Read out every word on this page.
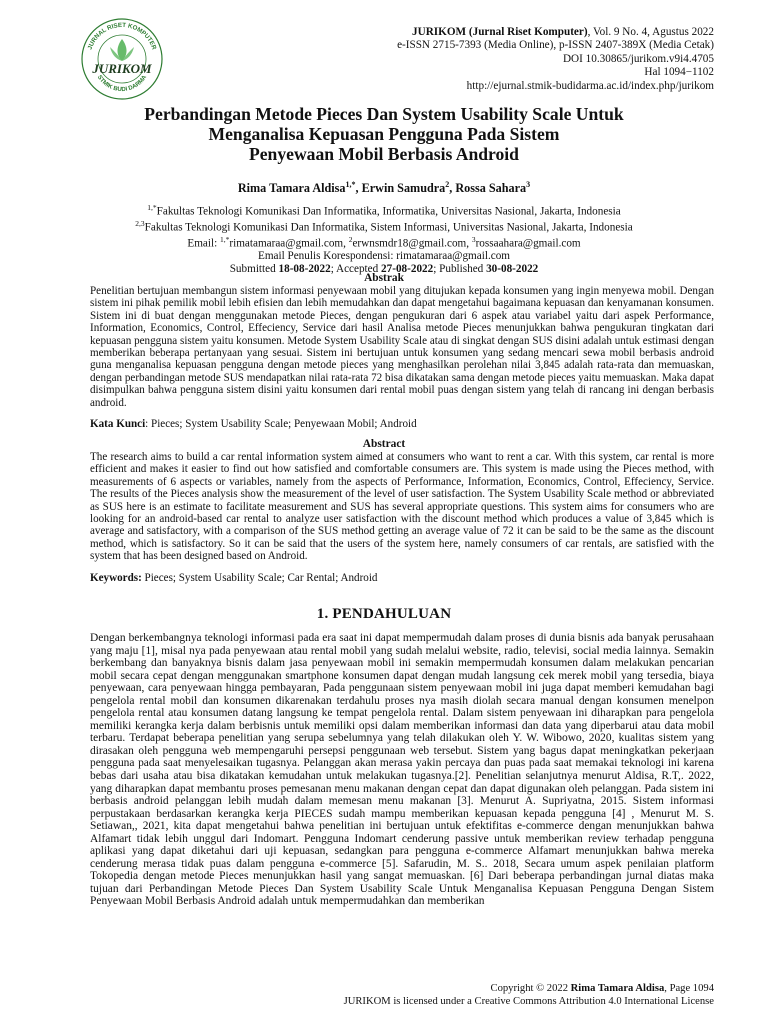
JURNAL RISET KOMPUTER
STMIK BUDI DARMA
JURIKOM
JURIKOM (Jurnal Riset Komputer), Vol. 9 No. 4, Agustus 2022
e-ISSN 2715-7393 (Media Online), p-ISSN 2407-389X (Media Cetak)
DOI 10.30865/jurikom.v9i4.4705
Hal 1094−1102
http://ejurnal.stmik-budidarma.ac.id/index.php/jurikom
Perbandingan Metode Pieces Dan System Usability Scale Untuk
Menganalisa Kepuasan Pengguna Pada Sistem
Penyewaan Mobil Berbasis Android
Rima Tamara Aldisa$^{1,*}$, Erwin Samudra$^2$, Rossa Sahara$^3$
$^{1,*}$Fakultas Teknologi Komunikasi Dan Informatika, Informatika, Universitas Nasional, Jakarta, Indonesia
$^{2,3}$Fakultas Teknologi Komunikasi Dan Informatika, Sistem Informasi, Universitas Nasional, Jakarta, Indonesia
Email: $^{1,*}$rimatamaraa@gmail.com, $^2$erwnsmdr18@gmail.com, $^3$rossaahara@gmail.com
Email Penulis Korespondensi: rimatamaraa@gmail.com
Submitted 18-08-2022; Accepted 27-08-2022; Published 30-08-2022
Abstrak
Penelitian bertujuan membangun sistem informasi penyewaan mobil yang ditujukan kepada konsumen yang ingin menyewa mobil. Dengan sistem ini pihak pemilik mobil lebih efisien dan lebih memudahkan dan dapat mengetahui bagaimana kepuasan dan kenyamanan konsumen. Sistem ini di buat dengan menggunakan metode Pieces, dengan pengukuran dari 6 aspek atau variabel yaitu dari aspek Performance, Information, Economics, Control, Effeciency, Service dari hasil Analisa metode Pieces menunjukkan bahwa pengukuran tingkatan dari kepuasan pengguna sistem yaitu konsumen. Metode System Usability Scale atau di singkat dengan SUS disini adalah untuk estimasi dengan memberikan beberapa pertanyaan yang sesuai. Sistem ini bertujuan untuk konsumen yang sedang mencari sewa mobil berbasis android guna menganalisa kepuasan pengguna dengan metode pieces yang menghasilkan perolehan nilai 3,845 adalah rata-rata dan memuaskan, dengan perbandingan metode SUS mendapatkan nilai rata-rata 72 bisa dikatakan sama dengan metode pieces yaitu memuaskan. Maka dapat disimpulkan bahwa pengguna sistem disini yaitu konsumen dari rental mobil puas dengan sistem yang telah di rancang ini dengan berbasis android.
Kata Kunci: Pieces; System Usability Scale; Penyewaan Mobil; Android
Abstract
The research aims to build a car rental information system aimed at consumers who want to rent a car. With this system, car rental is more efficient and makes it easier to find out how satisfied and comfortable consumers are. This system is made using the Pieces method, with measurements of 6 aspects or variables, namely from the aspects of Performance, Information, Economics, Control, Effeciency, Service. The results of the Pieces analysis show the measurement of the level of user satisfaction. The System Usability Scale method or abbreviated as SUS here is an estimate to facilitate measurement and SUS has several appropriate questions. This system aims for consumers who are looking for an android-based car rental to analyze user satisfaction with the discount method which produces a value of 3,845 which is average and satisfactory, with a comparison of the SUS method getting an average value of 72 it can be said to be the same as the discount method, which is satisfactory. So it can be said that the users of the system here, namely consumers of car rentals, are satisfied with the system that has been designed based on Android.
Keywords: Pieces; System Usability Scale; Car Rental; Android
1. PENDAHULUAN
Dengan berkembangnya teknologi informasi pada era saat ini dapat mempermudah dalam proses di dunia bisnis ada banyak perusahaan yang maju [1], misal nya pada penyewaan atau rental mobil yang sudah melalui website, radio, televisi, social media lainnya. Semakin berkembang dan banyaknya bisnis dalam jasa penyewaan mobil ini semakin mempermudah konsumen dalam melakukan pencarian mobil secara cepat dengan menggunakan smartphone konsumen dapat dengan mudah langsung cek merek mobil yang tersedia, biaya penyewaan, cara penyewaan hingga pembayaran, Pada penggunaan sistem penyewaan mobil ini juga dapat memberi kemudahan bagi pengelola rental mobil dan konsumen dikarenakan terdahulu proses nya masih diolah secara manual dengan konsumen menelpon pengelola rental atau konsumen datang langsung ke tempat pengelola rental. Dalam sistem penyewaan ini diharapkan para pengelola memiliki kerangka kerja dalam berbisnis untuk memiliki opsi dalam memberikan informasi dan data yang diperbarui atau data mobil terbaru. Terdapat beberapa penelitian yang serupa sebelumnya yang telah dilakukan oleh Y. W. Wibowo, 2020, kualitas sistem yang dirasakan oleh pengguna web mempengaruhi persepsi penggunaan web tersebut. Sistem yang bagus dapat meningkatkan pekerjaan pengguna pada saat menyelesaikan tugasnya. Pelanggan akan merasa yakin percaya dan puas pada saat memakai teknologi ini karena bebas dari usaha atau bisa dikatakan kemudahan untuk melakukan tugasnya.[2]. Penelitian selanjutnya menurut Aldisa, R.T,. 2022, yang diharapkan dapat membantu proses pemesanan menu makanan dengan cepat dan dapat digunakan oleh pelanggan. Pada sistem ini berbasis android pelanggan lebih mudah dalam memesan menu makanan [3]. Menurut A. Supriyatna, 2015. Sistem informasi perpustakaan berdasarkan kerangka kerja PIECES sudah mampu memberikan kepuasan kepada pengguna [4] , Menurut M. S. Setiawan,, 2021, kita dapat mengetahui bahwa penelitian ini bertujuan untuk efektifitas e-commerce dengan menunjukkan bahwa Alfamart tidak lebih unggul dari Indomart. Pengguna Indomart cenderung passive untuk memberikan review terhadap pengguna aplikasi yang dapat diketahui dari uji kepuasan, sedangkan para pengguna e-commerce Alfamart menunjukkan bahwa mereka cenderung merasa tidak puas dalam pengguna e-commerce [5]. Safarudin, M. S.. 2018, Secara umum aspek penilaian platform Tokopedia dengan metode Pieces menunjukkan hasil yang sangat memuaskan. [6] Dari beberapa perbandingan jurnal diatas maka tujuan dari Perbandingan Metode Pieces Dan System Usability Scale Untuk Menganalisa Kepuasan Pengguna Dengan Sistem Penyewaan Mobil Berbasis Android adalah untuk mempermudahkan dan memberikan
Copyright © 2022 Rima Tamara Aldisa, Page 1094
JURIKOM is licensed under a Creative Commons Attribution 4.0 International License
